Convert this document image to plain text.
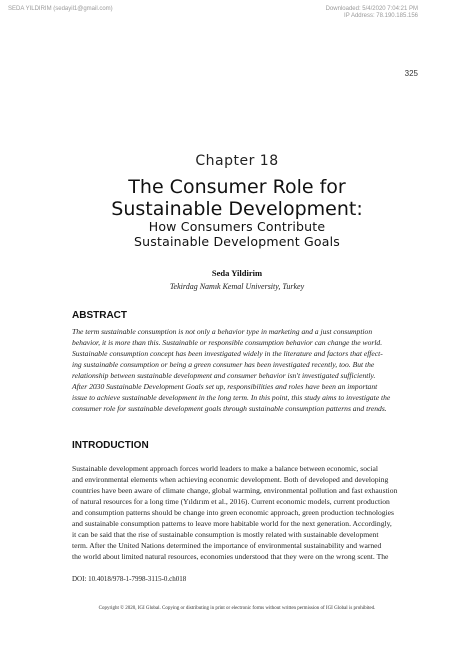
SEDA YILDIRIM (sedayil1@gmail.com)	Downloaded: 5/4/2020 7:04:21 PM
IP Address: 78.190.185.156
325
Chapter 18
The Consumer Role for
Sustainable Development:
How Consumers Contribute
Sustainable Development Goals
Seda Yildirim
Tekirdag Namık Kemal University, Turkey
ABSTRACT
The term sustainable consumption is not only a behavior type in marketing and a just consumption
behavior, it is more than this. Sustainable or responsible consumption behavior can change the world.
Sustainable consumption concept has been investigated widely in the literature and factors that effect-
ing sustainable consumption or being a green consumer has been investigated recently, too. But the
relationship between sustainable development and consumer behavior isn't investigated sufficiently.
After 2030 Sustainable Development Goals set up, responsibilities and roles have been an important
issue to achieve sustainable development in the long term. In this point, this study aims to investigate the
consumer role for sustainable development goals through sustainable consumption patterns and trends.
INTRODUCTION
Sustainable development approach forces world leaders to make a balance between economic, social
and environmental elements when achieving economic development. Both of developed and developing
countries have been aware of climate change, global warming, environmental pollution and fast exhaustion
of natural resources for a long time (Yıldırım et al., 2016). Current economic models, current production
and consumption patterns should be change into green economic approach, green production technologies
and sustainable consumption patterns to leave more habitable world for the next generation. Accordingly,
it can be said that the rise of sustainable consumption is mostly related with sustainable development
term. After the United Nations determined the importance of environmental sustainability and warned
the world about limited natural resources, economies understood that they were on the wrong scent. The
DOI: 10.4018/978-1-7998-3115-0.ch018
Copyright © 2020, IGI Global. Copying or distributing in print or electronic forms without written permission of IGI Global is prohibited.
